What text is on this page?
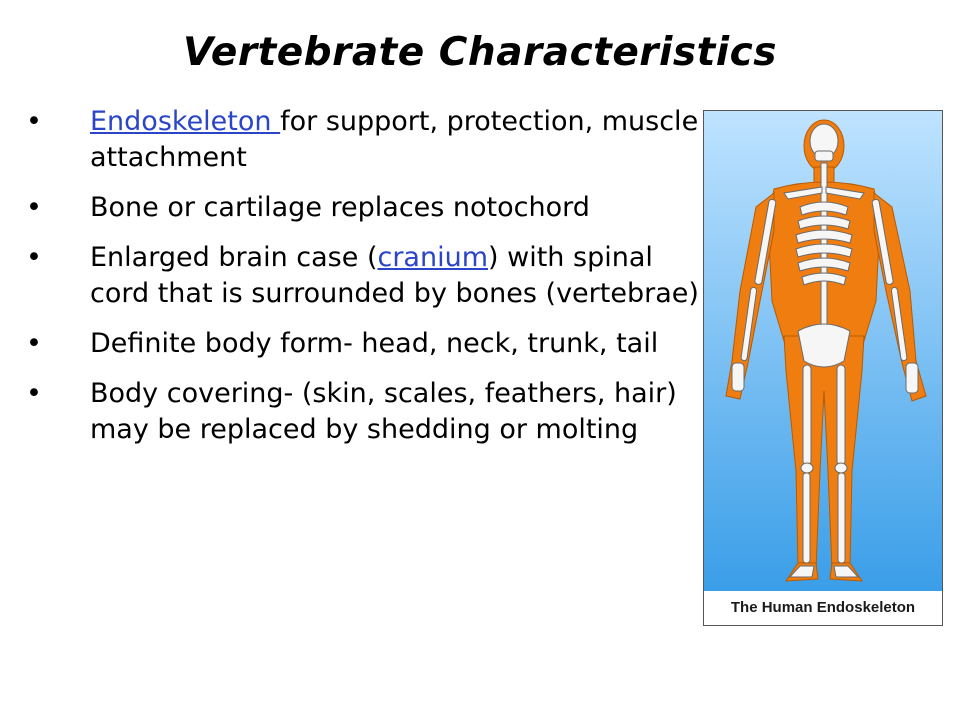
Vertebrate Characteristics
• Endoskeleton for support, protection, muscle attachment
• Bone or cartilage replaces notochord
• Enlarged brain case (cranium) with spinal cord that is surrounded by bones (vertebrae)
• Definite body form- head, neck, trunk, tail
• Body covering- (skin, scales, feathers, hair) may be replaced by shedding or molting
The Human Endoskeleton
